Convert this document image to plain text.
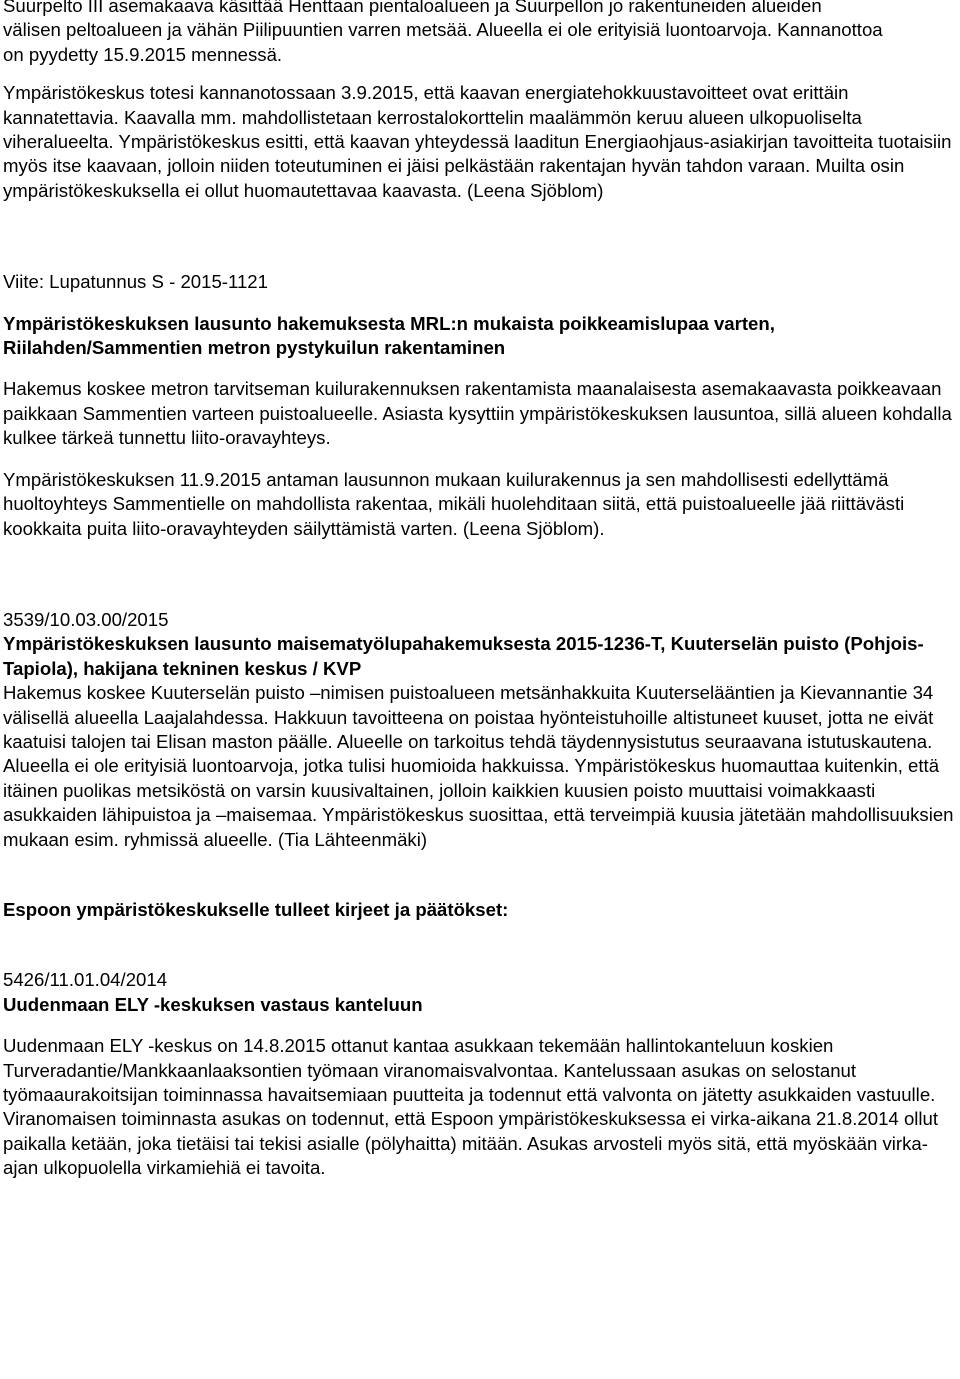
Suurpelto III asemakaava käsittää Henttaan pientaloalueen ja Suurpellon jo rakentuneiden alueiden välisen peltoalueen ja vähän Piilipuuntien varren metsää. Alueella ei ole erityisiä luontoarvoja. Kannanottoa on pyydetty 15.9.2015 mennessä.

Ympäristökeskus totesi kannanotossaan 3.9.2015, että kaavan energiatehokkuustavoitteet ovat erittäin kannatettavia. Kaavalla mm. mahdollistetaan kerrostalokorttelin maalämmön keruu alueen ulkopuoliselta viheralueelta. Ympäristökeskus esitti, että kaavan yhteydessä laaditun Energiaohjaus-asiakirjan tavoitteita tuotaisiin myös itse kaavaan, jolloin niiden toteutuminen ei jäisi pelkästään rakentajan hyvän tahdon varaan. Muilta osin ympäristökeskuksella ei ollut huomautettavaa kaavasta. (Leena Sjöblom)

Viite: Lupatunnus S - 2015-1121

Ympäristökeskuksen lausunto hakemuksesta MRL:n mukaista poikkeamislupaa varten, Riilahden/Sammentien metron pystykuilun rakentaminen

Hakemus koskee metron tarvitseman kuilurakennuksen rakentamista maanalaisesta asemakaavasta poikkeavaan paikkaan Sammentien varteen puistoalueelle. Asiasta kysyttiin ympäristökeskuksen lausuntoa, sillä alueen kohdalla kulkee tärkeä tunnettu liito-oravayhteys.

Ympäristökeskuksen 11.9.2015 antaman lausunnon mukaan kuilurakennus ja sen mahdollisesti edellyttämä huoltoyhteys Sammentielle on mahdollista rakentaa, mikäli huolehditaan siitä, että puistoalueelle jää riittävästi kookkaita puita liito-oravayhteyden säilyttämistä varten. (Leena Sjöblom).

3539/10.03.00/2015

Ympäristökeskuksen lausunto maisematyölupahakemuksesta 2015-1236-T, Kuuterselän puisto (Pohjois-Tapiola), hakijana tekninen keskus / KVP

Hakemus koskee Kuuterselän puisto –nimisen puistoalueen metsänhakkuita Kuuterselääntien ja Kievannantie 34 välisellä alueella Laajalahdessa. Hakkuun tavoitteena on poistaa hyönteistuhoille altistuneet kuuset, jotta ne eivät kaatuisi talojen tai Elisan maston päälle. Alueelle on tarkoitus tehdä täydennysistutus seuraavana istutuskautena.

Alueella ei ole erityisiä luontoarvoja, jotka tulisi huomioida hakkuissa. Ympäristökeskus huomauttaa kuitenkin, että itäinen puolikas metsiköstä on varsin kuusivaltainen, jolloin kaikkien kuusien poisto muuttaisi voimakkaasti asukkaiden lähipuistoa ja –maisemaa. Ympäristökeskus suosittaa, että terveimpiä kuusia jätetään mahdollisuuksien mukaan esim. ryhmissä alueelle. (Tia Lähteenmäki)

Espoon ympäristökeskukselle tulleet kirjeet ja päätökset:

5426/11.01.04/2014

Uudenmaan ELY -keskuksen vastaus kanteluun

Uudenmaan ELY -keskus on 14.8.2015 ottanut kantaa asukkaan tekemään hallintokanteluun koskien Turveradantie/Mankkaanlaaksontien työmaan viranomaisvalvontaa. Kantelussaan asukas on selostanut työmaaurakoitsijan toiminnassa havaitsemiaan puutteita ja todennut että valvonta on jätetty asukkaiden vastuulle. Viranomaisen toiminnasta asukas on todennut, että Espoon ympäristökeskuksessa ei virka-aikana 21.8.2014 ollut paikalla ketään, joka tietäisi tai tekisi asialle (pölyhaitta) mitään. Asukas arvosteli myös sitä, että myöskään virka-ajan ulkopuolella virkamiehiä ei tavoita.
